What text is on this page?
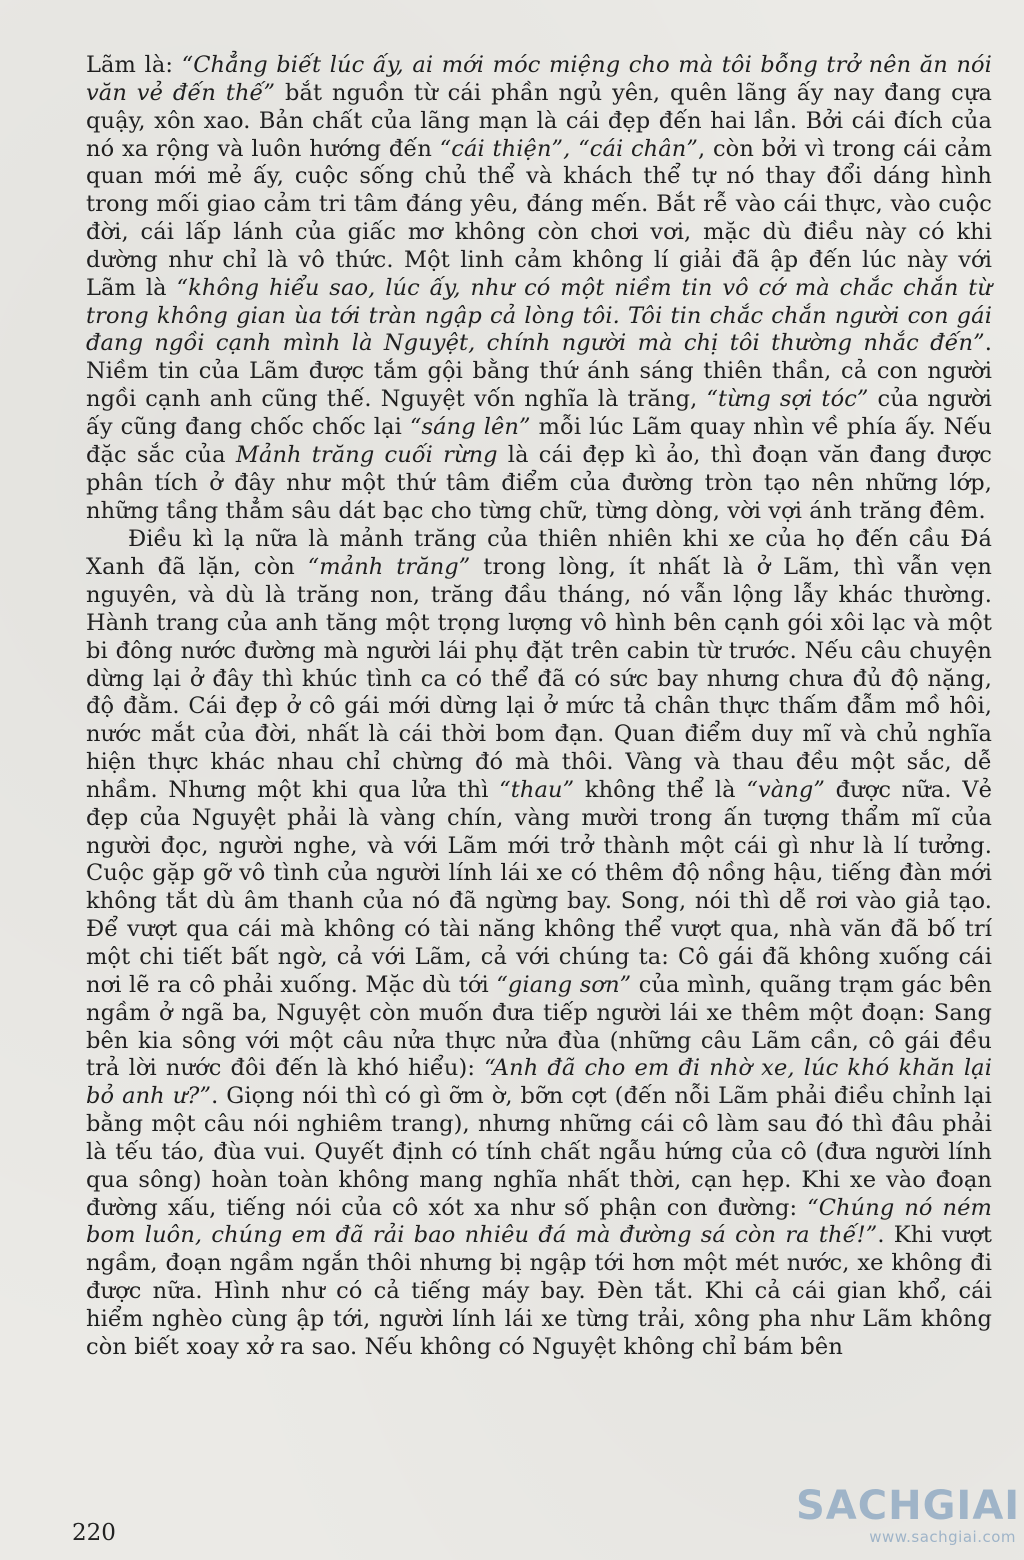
Lãm là: “Chẳng biết lúc ấy, ai mới móc miệng cho mà tôi bỗng trở nên ăn nói văn vẻ đến thế” bắt nguồn từ cái phần ngủ yên, quên lãng ấy nay đang cựa quậy, xôn xao. Bản chất của lãng mạn là cái đẹp đến hai lần. Bởi cái đích của nó xa rộng và luôn hướng đến “cái thiện”, “cái chân”, còn bởi vì trong cái cảm quan mới mẻ ấy, cuộc sống chủ thể và khách thể tự nó thay đổi dáng hình trong mối giao cảm tri tâm đáng yêu, đáng mến. Bắt rễ vào cái thực, vào cuộc đời, cái lấp lánh của giấc mơ không còn chơi vơi, mặc dù điều này có khi dường như chỉ là vô thức. Một linh cảm không lí giải đã ập đến lúc này với Lãm là “không hiểu sao, lúc ấy, như có một niềm tin vô cớ mà chắc chắn từ trong không gian ùa tới tràn ngập cả lòng tôi. Tôi tin chắc chắn người con gái đang ngồi cạnh mình là Nguyệt, chính người mà chị tôi thường nhắc đến”. Niềm tin của Lãm được tắm gội bằng thứ ánh sáng thiên thần, cả con người ngồi cạnh anh cũng thế. Nguyệt vốn nghĩa là trăng, “từng sợi tóc” của người ấy cũng đang chốc chốc lại “sáng lên” mỗi lúc Lãm quay nhìn về phía ấy. Nếu đặc sắc của Mảnh trăng cuối rừng là cái đẹp kì ảo, thì đoạn văn đang được phân tích ở đây như một thứ tâm điểm của đường tròn tạo nên những lớp, những tầng thẳm sâu dát bạc cho từng chữ, từng dòng, vời vợi ánh trăng đêm.

Điều kì lạ nữa là mảnh trăng của thiên nhiên khi xe của họ đến cầu Đá Xanh đã lặn, còn “mảnh trăng” trong lòng, ít nhất là ở Lãm, thì vẫn vẹn nguyên, và dù là trăng non, trăng đầu tháng, nó vẫn lộng lẫy khác thường. Hành trang của anh tăng một trọng lượng vô hình bên cạnh gói xôi lạc và một bi đông nước đường mà người lái phụ đặt trên cabin từ trước. Nếu câu chuyện dừng lại ở đây thì khúc tình ca có thể đã có sức bay nhưng chưa đủ độ nặng, độ đằm. Cái đẹp ở cô gái mới dừng lại ở mức tả chân thực thấm đẫm mồ hôi, nước mắt của đời, nhất là cái thời bom đạn. Quan điểm duy mĩ và chủ nghĩa hiện thực khác nhau chỉ chừng đó mà thôi. Vàng và thau đều một sắc, dễ nhầm. Nhưng một khi qua lửa thì “thau” không thể là “vàng” được nữa. Vẻ đẹp của Nguyệt phải là vàng chín, vàng mười trong ấn tượng thẩm mĩ của người đọc, người nghe, và với Lãm mới trở thành một cái gì như là lí tưởng. Cuộc gặp gỡ vô tình của người lính lái xe có thêm độ nồng hậu, tiếng đàn mới không tắt dù âm thanh của nó đã ngừng bay. Song, nói thì dễ rơi vào giả tạo. Để vượt qua cái mà không có tài năng không thể vượt qua, nhà văn đã bố trí một chi tiết bất ngờ, cả với Lãm, cả với chúng ta: Cô gái đã không xuống cái nơi lẽ ra cô phải xuống. Mặc dù tới “giang sơn” của mình, quãng trạm gác bên ngầm ở ngã ba, Nguyệt còn muốn đưa tiếp người lái xe thêm một đoạn: Sang bên kia sông với một câu nửa thực nửa đùa (những câu Lãm cần, cô gái đều trả lời nước đôi đến là khó hiểu): “Anh đã cho em đi nhờ xe, lúc khó khăn lại bỏ anh ư?”. Giọng nói thì có gì ỡm ờ, bỡn cợt (đến nỗi Lãm phải điều chỉnh lại bằng một câu nói nghiêm trang), nhưng những cái cô làm sau đó thì đâu phải là tếu táo, đùa vui. Quyết định có tính chất ngẫu hứng của cô (đưa người lính qua sông) hoàn toàn không mang nghĩa nhất thời, cạn hẹp. Khi xe vào đoạn đường xấu, tiếng nói của cô xót xa như số phận con đường: “Chúng nó ném bom luôn, chúng em đã rải bao nhiêu đá mà đường sá còn ra thế!”. Khi vượt ngầm, đoạn ngầm ngắn thôi nhưng bị ngập tới hơn một mét nước, xe không đi được nữa. Hình như có cả tiếng máy bay. Đèn tắt. Khi cả cái gian khổ, cái hiểm nghèo cùng ập tới, người lính lái xe từng trải, xông pha như Lãm không còn biết xoay xở ra sao. Nếu không có Nguyệt không chỉ bám bên

220
SACHGIAI
www.sachgiai.com
